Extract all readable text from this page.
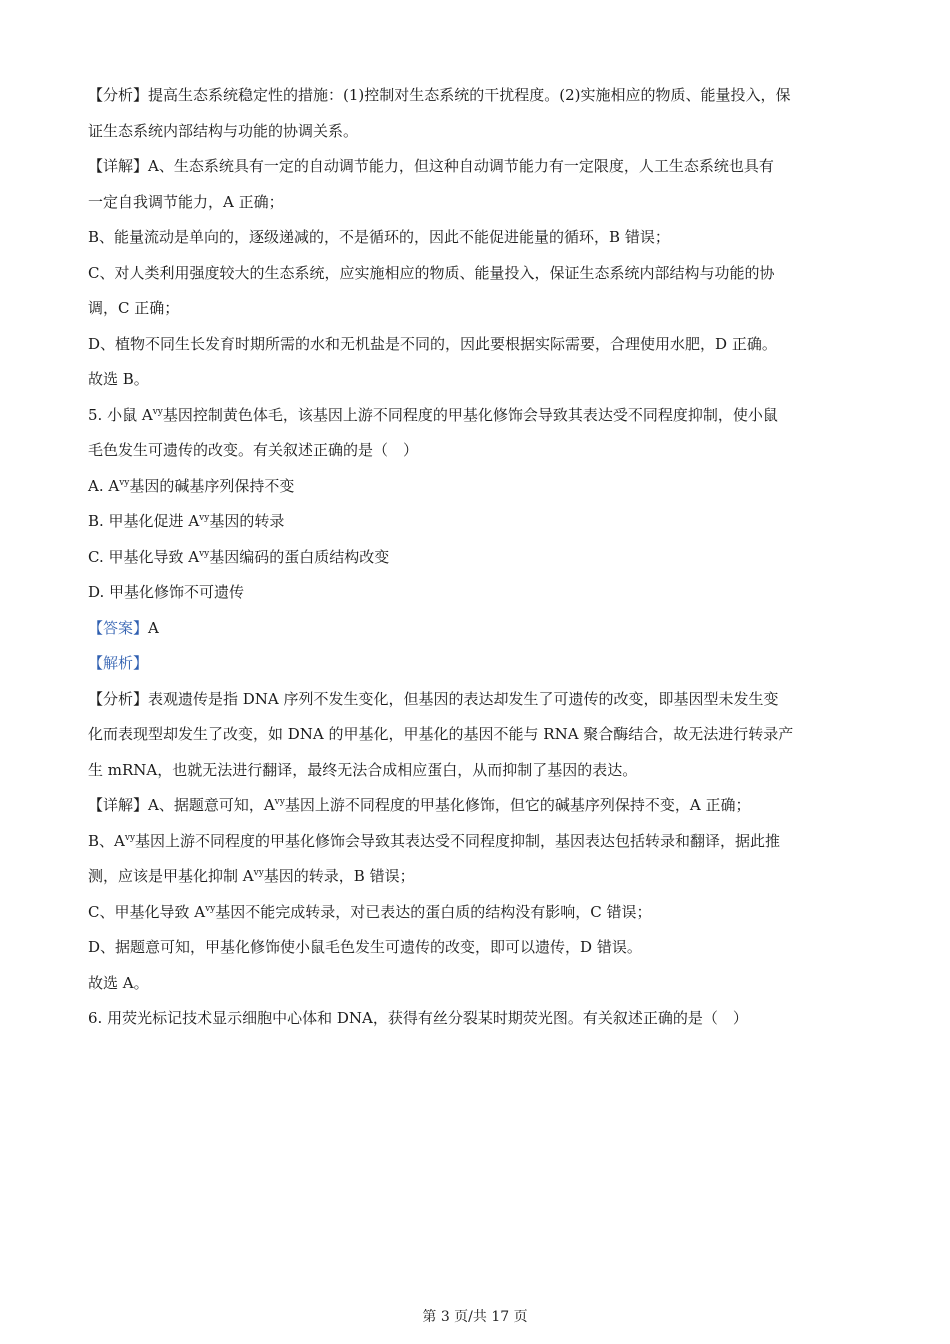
【分析】提高生态系统稳定性的措施：(1)控制对生态系统的干扰程度。(2)实施相应的物质、能量投入，保
证生态系统内部结构与功能的协调关系。
【详解】A、生态系统具有一定的自动调节能力，但这种自动调节能力有一定限度，人工生态系统也具有
一定自我调节能力，A 正确；
B、能量流动是单向的，逐级递减的，不是循环的，因此不能促进能量的循环，B 错误；
C、对人类利用强度较大的生态系统，应实施相应的物质、能量投入，保证生态系统内部结构与功能的协
调，C 正确；
D、植物不同生长发育时期所需的水和无机盐是不同的，因此要根据实际需要，合理使用水肥，D 正确。
故选 B。
5. 小鼠 $A^{vy}$基因控制黄色体毛，该基因上游不同程度的甲基化修饰会导致其表达受不同程度抑制，使小鼠
毛色发生可遗传的改变。有关叙述正确的是（　）
A. $A^{vy}$基因的碱基序列保持不变
B. 甲基化促进 $A^{vy}$基因的转录
C. 甲基化导致 $A^{vy}$基因编码的蛋白质结构改变
D. 甲基化修饰不可遗传
【答案】A
【解析】
【分析】表观遗传是指 DNA 序列不发生变化，但基因的表达却发生了可遗传的改变，即基因型未发生变
化而表现型却发生了改变，如 DNA 的甲基化，甲基化的基因不能与 RNA 聚合酶结合，故无法进行转录产
生 mRNA，也就无法进行翻译，最终无法合成相应蛋白，从而抑制了基因的表达。
【详解】A、据题意可知，$A^{vy}$基因上游不同程度的甲基化修饰，但它的碱基序列保持不变，A 正确；
B、$A^{vy}$基因上游不同程度的甲基化修饰会导致其表达受不同程度抑制，基因表达包括转录和翻译，据此推
测，应该是甲基化抑制 $A^{vy}$基因的转录，B 错误；
C、甲基化导致 $A^{vy}$基因不能完成转录，对已表达的蛋白质的结构没有影响，C 错误；
D、据题意可知，甲基化修饰使小鼠毛色发生可遗传的改变，即可以遗传，D 错误。
故选 A。
6. 用荧光标记技术显示细胞中心体和 DNA，获得有丝分裂某时期荧光图。有关叙述正确的是（　）
第 3 页/共 17 页
